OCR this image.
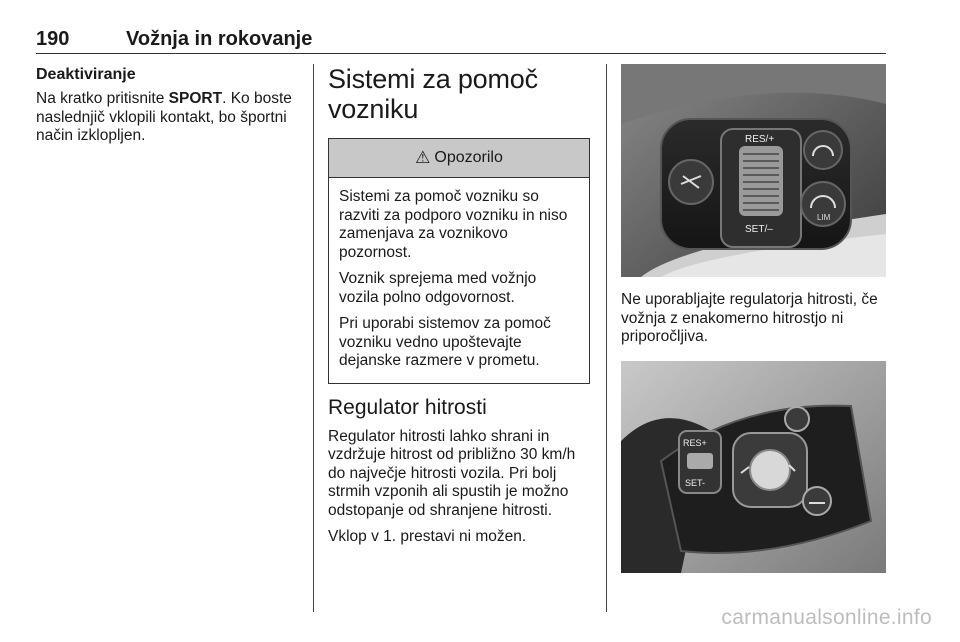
190	Vožnja in rokovanje
Deaktiviranje

Na kratko pritisnite SPORT. Ko boste naslednjič vklopili kontakt, bo športni način izklopljen.

Sistemi za pomoč vozniku
⚠ Opozorilo

Sistemi za pomoč vozniku so razviti za podporo vozniku in niso zamenjava za voznikovo pozornost.

Voznik sprejema med vožnjo vozila polno odgovornost.

Pri uporabi sistemov za pomoč vozniku vedno upoštevajte dejanske razmere v prometu.

Regulator hitrosti

Regulator hitrosti lahko shrani in vzdržuje hitrost od približno 30 km/h do največje hitrosti vozila. Pri bolj strmih vzponih ali spustih je možno odstopanje od shranjene hitrosti.

Vklop v 1. prestavi ni možen.

RES/+
SET/–
LIM

Ne uporabljajte regulatorja hitrosti, če vožnja z enakomerno hitrostjo ni priporočljiva.

RES+
SET-
carmanualsonline.info
